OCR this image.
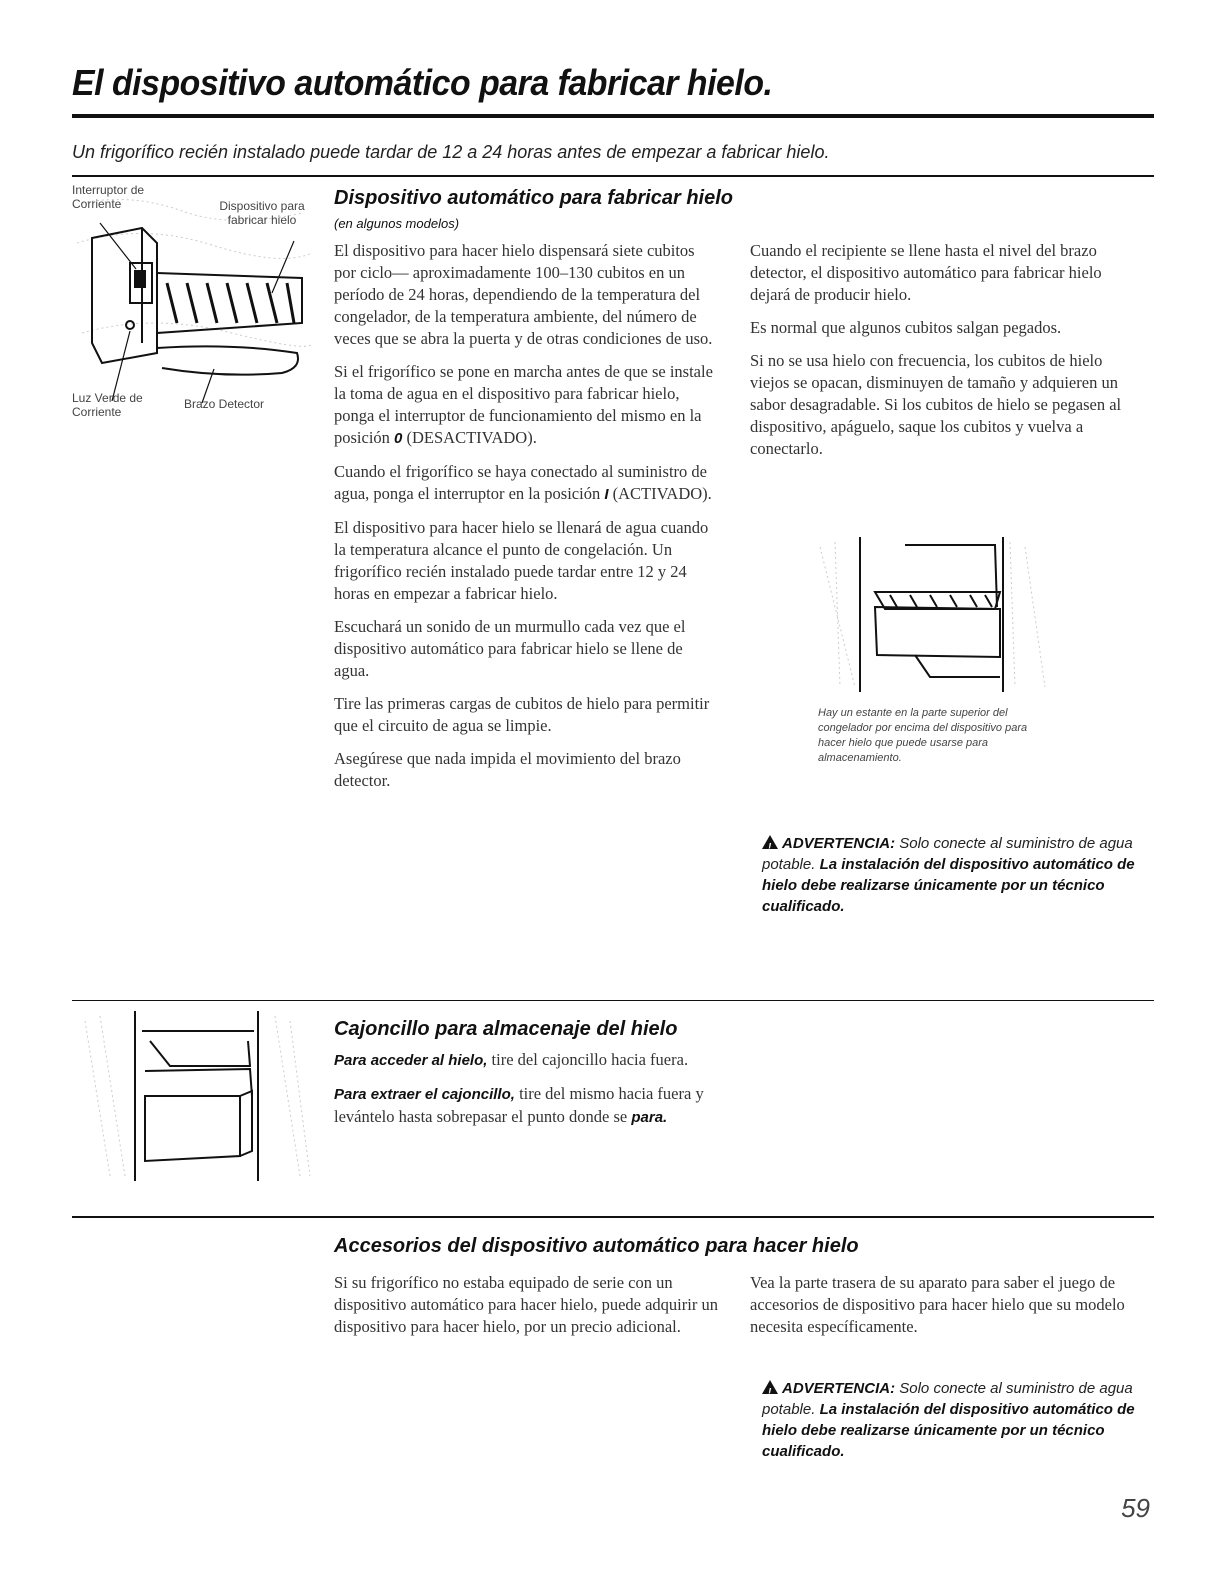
El dispositivo automático para fabricar hielo.
Un frigorífico recién instalado puede tardar de 12 a 24 horas antes de empezar a fabricar hielo.
Interruptor de Corriente	Dispositivo para fabricar hielo
Luz Verde de Corriente
Brazo Detector
Dispositivo automático para fabricar hielo (en algunos modelos)

El dispositivo para hacer hielo dispensará siete cubitos por ciclo— aproximadamente 100–130 cubitos en un período de 24 horas, dependiendo de la temperatura del congelador, de la temperatura ambiente, del número de veces que se abra la puerta y de otras condiciones de uso.

Si el frigorífico se pone en marcha antes de que se instale la toma de agua en el dispositivo para fabricar hielo, ponga el interruptor de funcionamiento del mismo en la posición 0 (DESACTIVADO).

Cuando el frigorífico se haya conectado al suministro de agua, ponga el interruptor en la posición I (ACTIVADO).

El dispositivo para hacer hielo se llenará de agua cuando la temperatura alcance el punto de congelación. Un frigorífico recién instalado puede tardar entre 12 y 24 horas en empezar a fabricar hielo.

Escuchará un sonido de un murmullo cada vez que el dispositivo automático para fabricar hielo se llene de agua.

Tire las primeras cargas de cubitos de hielo para permitir que el circuito de agua se limpie.

Asegúrese que nada impida el movimiento del brazo detector.

Cuando el recipiente se llene hasta el nivel del brazo detector, el dispositivo automático para fabricar hielo dejará de producir hielo.

Es normal que algunos cubitos salgan pegados.

Si no se usa hielo con frecuencia, los cubitos de hielo viejos se opacan, disminuyen de tamaño y adquieren un sabor desagradable. Si los cubitos de hielo se pegasen al dispositivo, apáguelo, saque los cubitos y vuelva a conectarlo.

Hay un estante en la parte superior del congelador por encima del dispositivo para hacer hielo que puede usarse para almacenamiento.
!ADVERTENCIA: Solo conecte al suministro de agua potable. La instalación del dispositivo automático de hielo debe realizarse únicamente por un técnico cualificado.
Cajoncillo para almacenaje del hielo

Para acceder al hielo, tire del cajoncillo hacia fuera.

Para extraer el cajoncillo, tire del mismo hacia fuera y levántelo hasta sobrepasar el punto donde se para.

Accesorios del dispositivo automático para hacer hielo

Si su frigorífico no estaba equipado de serie con un dispositivo automático para hacer hielo, puede adquirir un dispositivo para hacer hielo, por un precio adicional.

Vea la parte trasera de su aparato para saber el juego de accesorios de dispositivo para hacer hielo que su modelo necesita específicamente.

!ADVERTENCIA: Solo conecte al suministro de agua potable. La instalación del dispositivo automático de hielo debe realizarse únicamente por un técnico cualificado.
59
